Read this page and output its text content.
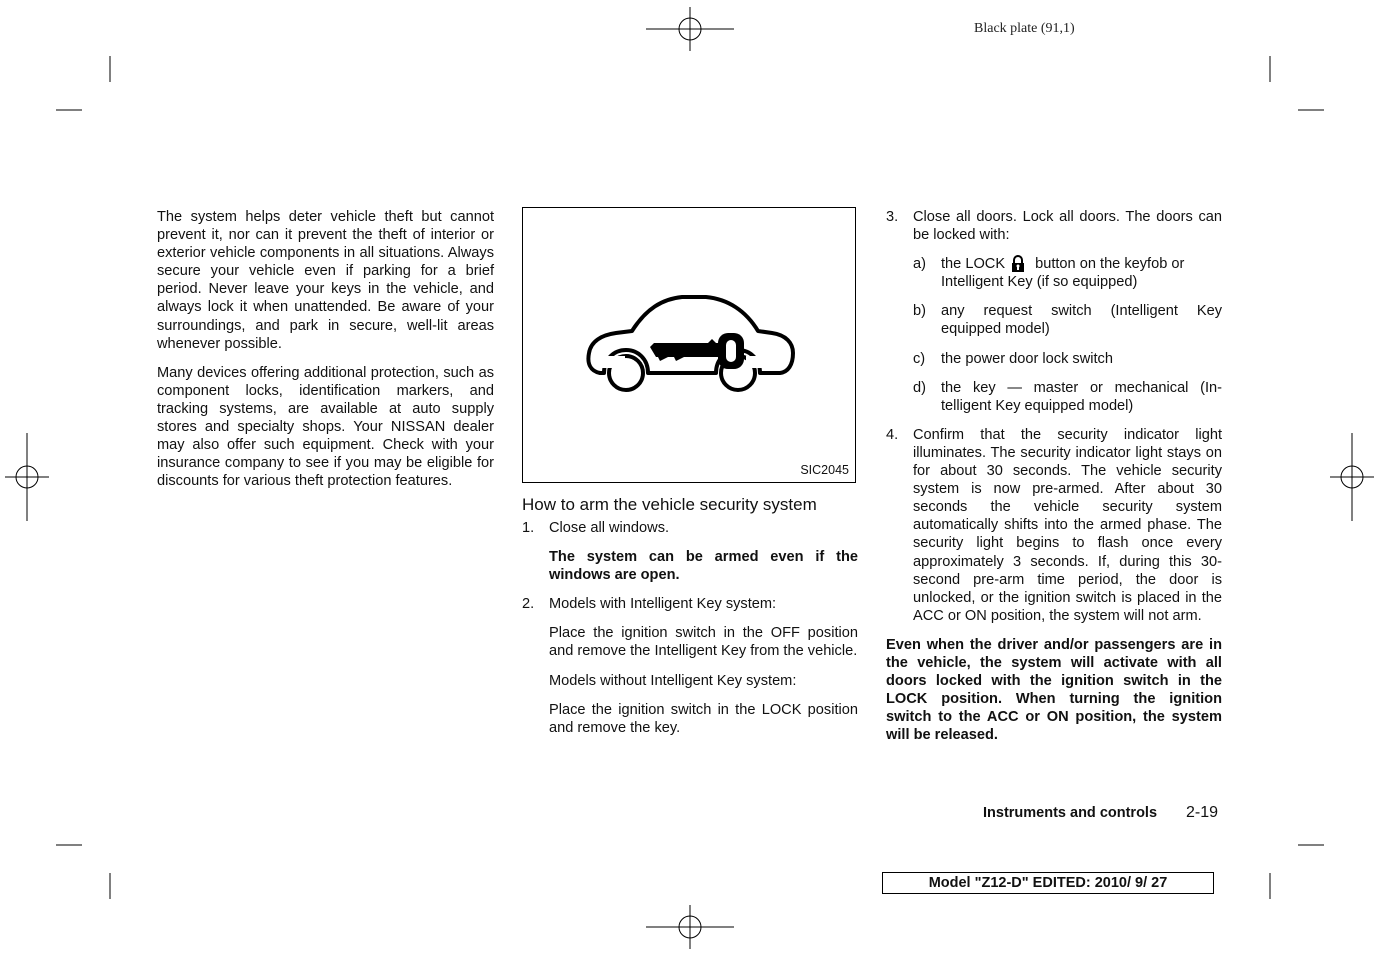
Black plate (91,1)

The system helps deter vehicle theft but cannot prevent it, nor can it prevent the theft of interior or exterior vehicle components in all situations. Always secure your vehicle even if parking for a brief period. Never leave your keys in the vehicle, and always lock it when unattended. Be aware of your surroundings, and park in secure, well-lit areas whenever possible.

Many devices offering additional protection, such as component locks, identification markers, and tracking systems, are available at auto supply stores and specialty shops. Your NISSAN dealer may also offer such equipment. Check with your insurance company to see if you may be eligible for discounts for various theft protection features.

SIC2045

How to arm the vehicle security system

1. Close all windows.

The system can be armed even if the windows are open.

2. Models with Intelligent Key system:

Place the ignition switch in the OFF position and remove the Intelligent Key from the vehicle.

Models without Intelligent Key system:

Place the ignition switch in the LOCK position and remove the key.

3. Close all doors. Lock all doors. The doors can be locked with:

a) the LOCK button on the keyfob or Intelligent Key (if so equipped)

b) any request switch (Intelligent Key equipped model)

c) the power door lock switch

d) the key — master or mechanical (In-telligent Key equipped model)

4. Confirm that the security indicator light illuminates. The security indicator light stays on for about 30 seconds. The vehicle security system is now pre-armed. After about 30 seconds the vehicle security system automatically shifts into the armed phase. The security light begins to flash once every approximately 3 seconds. If, during this 30-second pre-arm time period, the door is unlocked, or the ignition switch is placed in the ACC or ON position, the system will not arm.

Even when the driver and/or passengers are in the vehicle, the system will activate with all doors locked with the ignition switch in the LOCK position. When turning the ignition switch to the ACC or ON position, the system will be released.

Instruments and controls 2-19
Model "Z12-D" EDITED: 2010/ 9/ 27
